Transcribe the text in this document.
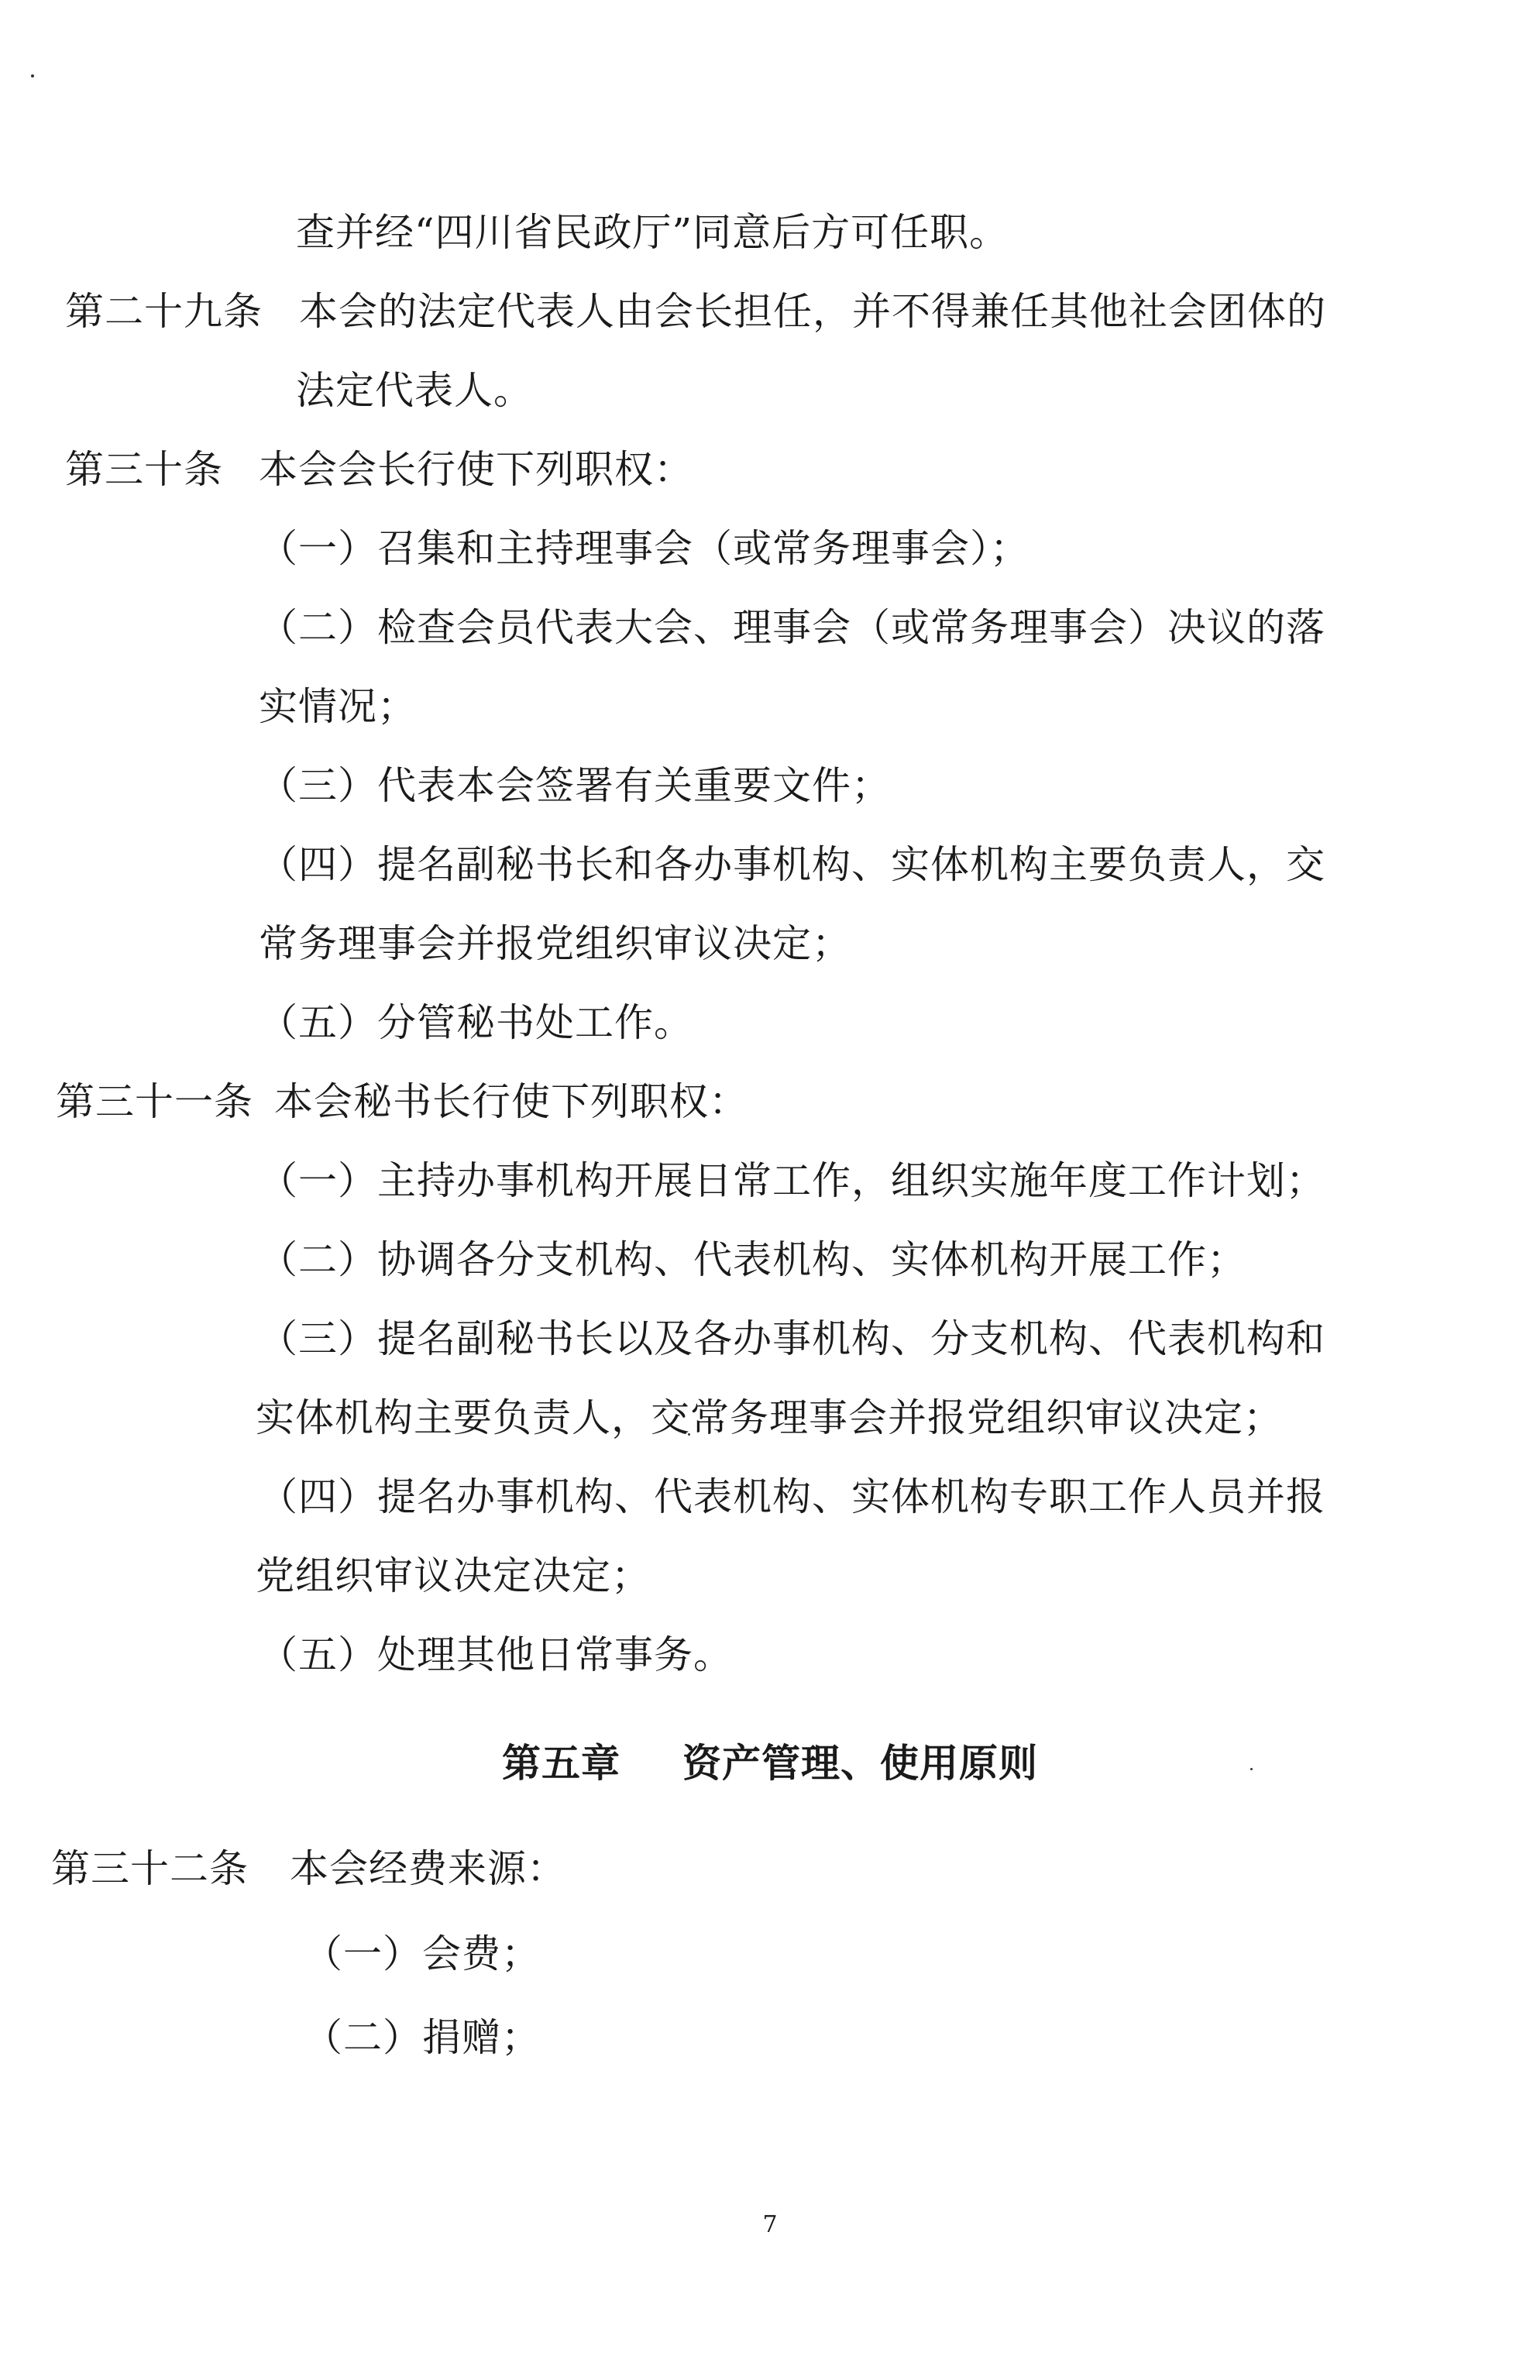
查并经“四川省民政厅”同意后方可任职。
第二十九条 本会的法定代表人由会长担任，并不得兼任其他社会团体的
法定代表人。
第三十条 本会会长行使下列职权：
（一）召集和主持理事会（或常务理事会）；
（二）检查会员代表大会、理事会（或常务理事会）决议的落
实情况；
（三）代表本会签署有关重要文件；
（四）提名副秘书长和各办事机构、实体机构主要负责人，交
常务理事会并报党组织审议决定；
（五）分管秘书处工作。
第三十一条 本会秘书长行使下列职权：
（一）主持办事机构开展日常工作，组织实施年度工作计划；
（二）协调各分支机构、代表机构、实体机构开展工作；
（三）提名副秘书长以及各办事机构、分支机构、代表机构和
实体机构主要负责人，交常务理事会并报党组织审议决定；
（四）提名办事机构、代表机构、实体机构专职工作人员并报
党组织审议决定决定；
（五）处理其他日常事务。
第五章 资产管理、使用原则
第三十二条 本会经费来源：
（一）会费；
（二）捐赠；
7
